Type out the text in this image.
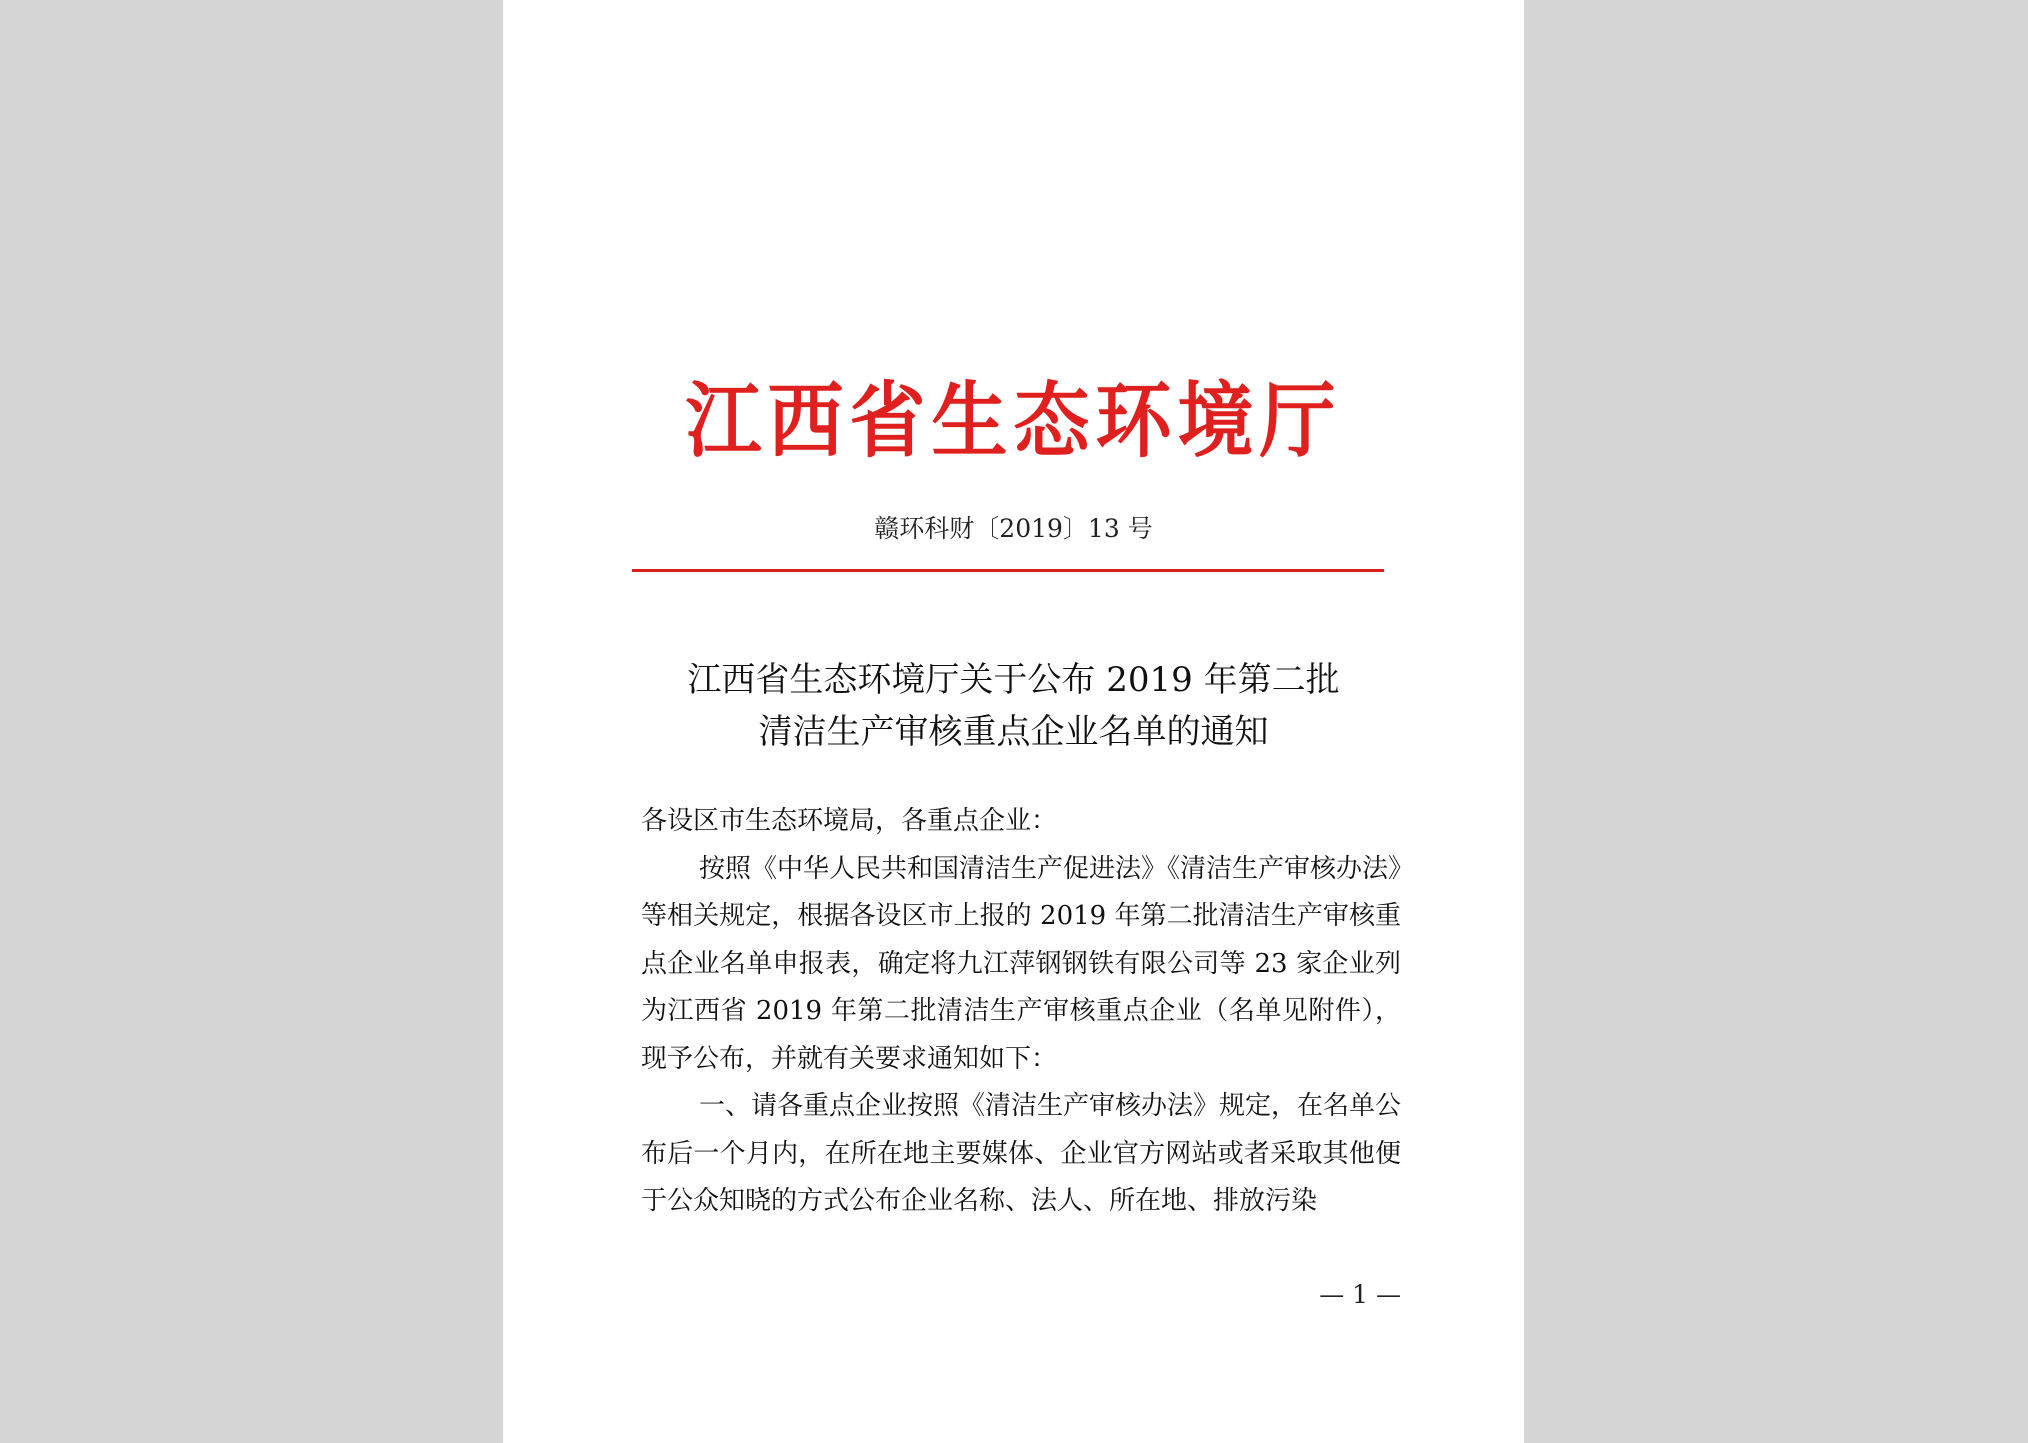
江西省生态环境厅
赣环科财〔2019〕13 号
江西省生态环境厅关于公布 2019 年第二批
清洁生产审核重点企业名单的通知

各设区市生态环境局，各重点企业：

按照《中华人民共和国清洁生产促进法》《清洁生产审核办法》等相关规定，根据各设区市上报的 2019 年第二批清洁生产审核重点企业名单申报表，确定将九江萍钢钢铁有限公司等 23 家企业列为江西省 2019 年第二批清洁生产审核重点企业（名单见附件），现予公布，并就有关要求通知如下：

一、请各重点企业按照《清洁生产审核办法》规定，在名单公布后一个月内，在所在地主要媒体、企业官方网站或者采取其他便于公众知晓的方式公布企业名称、法人、所在地、排放污染

— 1 —
